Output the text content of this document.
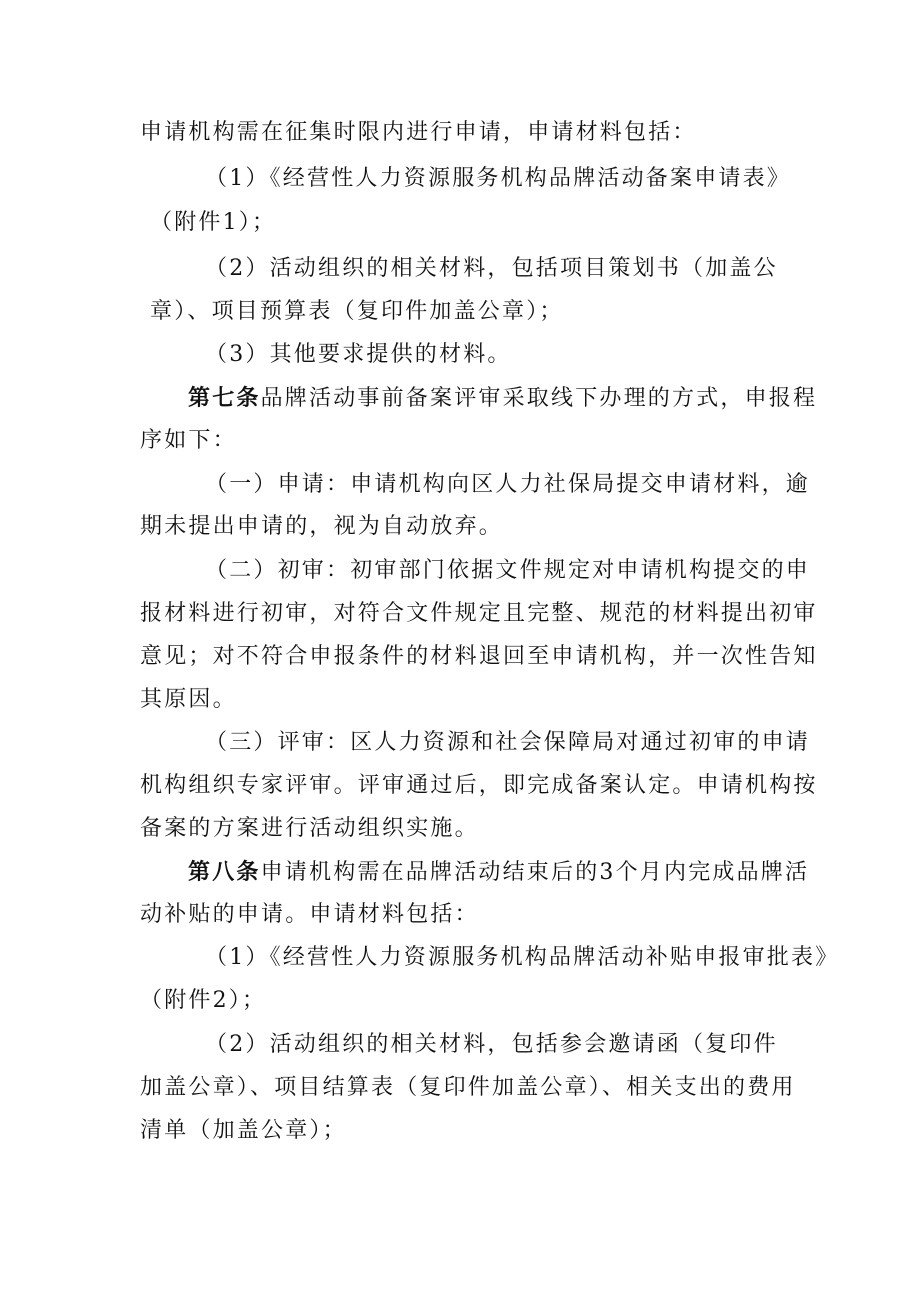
申请机构需在征集时限内进行申请，申请材料包括：
（1）《经营性人力资源服务机构品牌活动备案申请表》
（附件1）；
（2）活动组织的相关材料，包括项目策划书（加盖公
章）、项目预算表（复印件加盖公章）；
（3）其他要求提供的材料。
第七条品牌活动事前备案评审采取线下办理的方式，申报程
序如下：
（一）申请：申请机构向区人力社保局提交申请材料，逾
期未提出申请的，视为自动放弃。
（二）初审：初审部门依据文件规定对申请机构提交的申
报材料进行初审，对符合文件规定且完整、规范的材料提出初审
意见；对不符合申报条件的材料退回至申请机构，并一次性告知
其原因。
（三）评审：区人力资源和社会保障局对通过初审的申请
机构组织专家评审。评审通过后，即完成备案认定。申请机构按
备案的方案进行活动组织实施。
第八条申请机构需在品牌活动结束后的3个月内完成品牌活
动补贴的申请。申请材料包括：
（1）《经营性人力资源服务机构品牌活动补贴申报审批表》
（附件2）；
（2）活动组织的相关材料，包括参会邀请函（复印件
加盖公章）、项目结算表（复印件加盖公章）、相关支出的费用
清单（加盖公章）；
